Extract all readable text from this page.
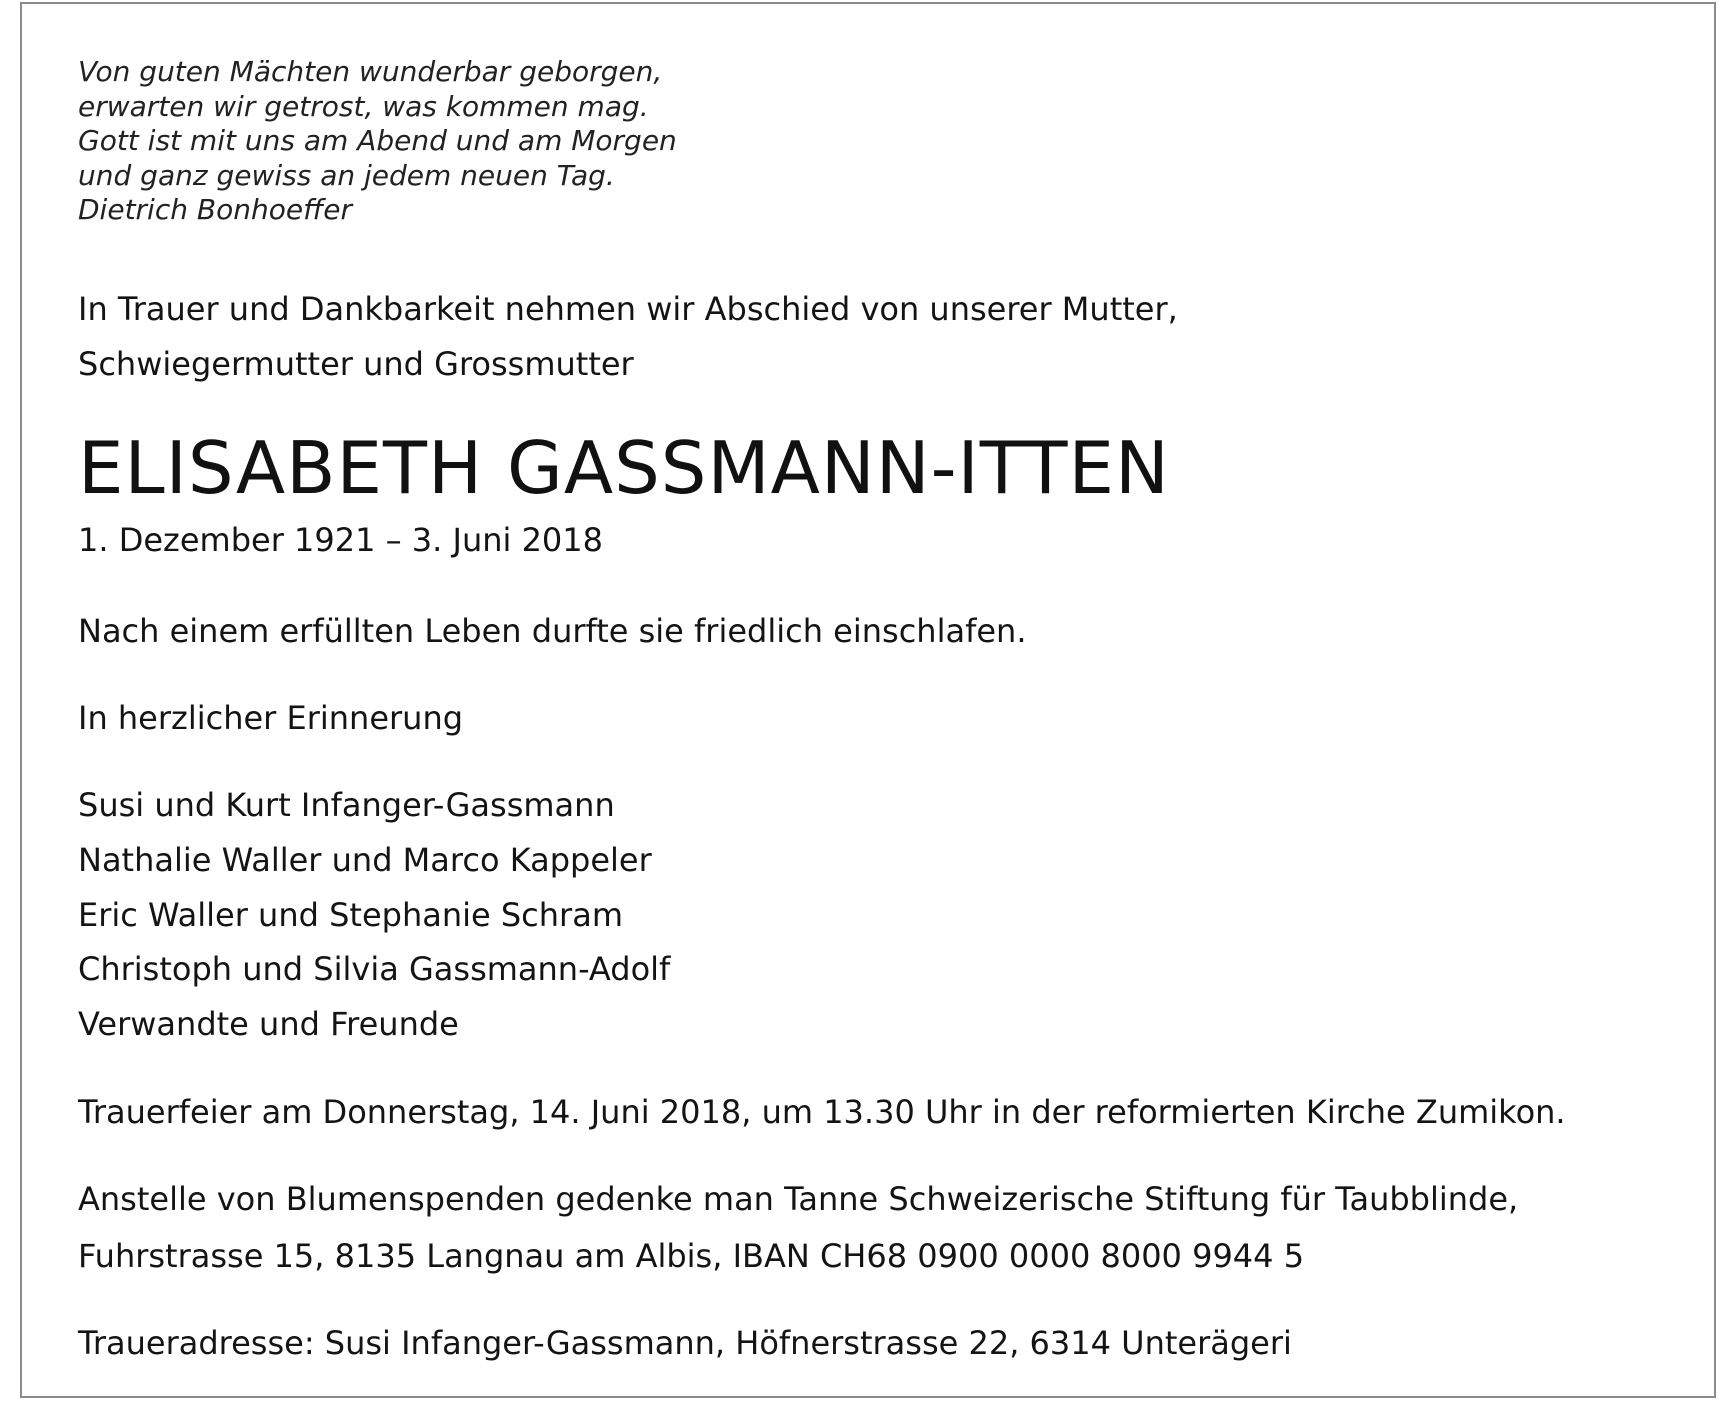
Von guten Mächten wunderbar geborgen,
erwarten wir getrost, was kommen mag.
Gott ist mit uns am Abend und am Morgen
und ganz gewiss an jedem neuen Tag.
Dietrich Bonhoeffer
In Trauer und Dankbarkeit nehmen wir Abschied von unserer Mutter,
Schwiegermutter und Grossmutter
ELISABETH GASSMANN-ITTEN
1. Dezember 1921 – 3. Juni 2018
Nach einem erfüllten Leben durfte sie friedlich einschlafen.
In herzlicher Erinnerung
Susi und Kurt Infanger-Gassmann
Nathalie Waller und Marco Kappeler
Eric Waller und Stephanie Schram
Christoph und Silvia Gassmann-Adolf
Verwandte und Freunde
Trauerfeier am Donnerstag, 14. Juni 2018, um 13.30 Uhr in der reformierten Kirche Zumikon.
Anstelle von Blumenspenden gedenke man Tanne Schweizerische Stiftung für Taubblinde,
Fuhrstrasse 15, 8135 Langnau am Albis, IBAN CH68 0900 0000 8000 9944 5
Traueradresse: Susi Infanger-Gassmann, Höfnerstrasse 22, 6314 Unterägeri
